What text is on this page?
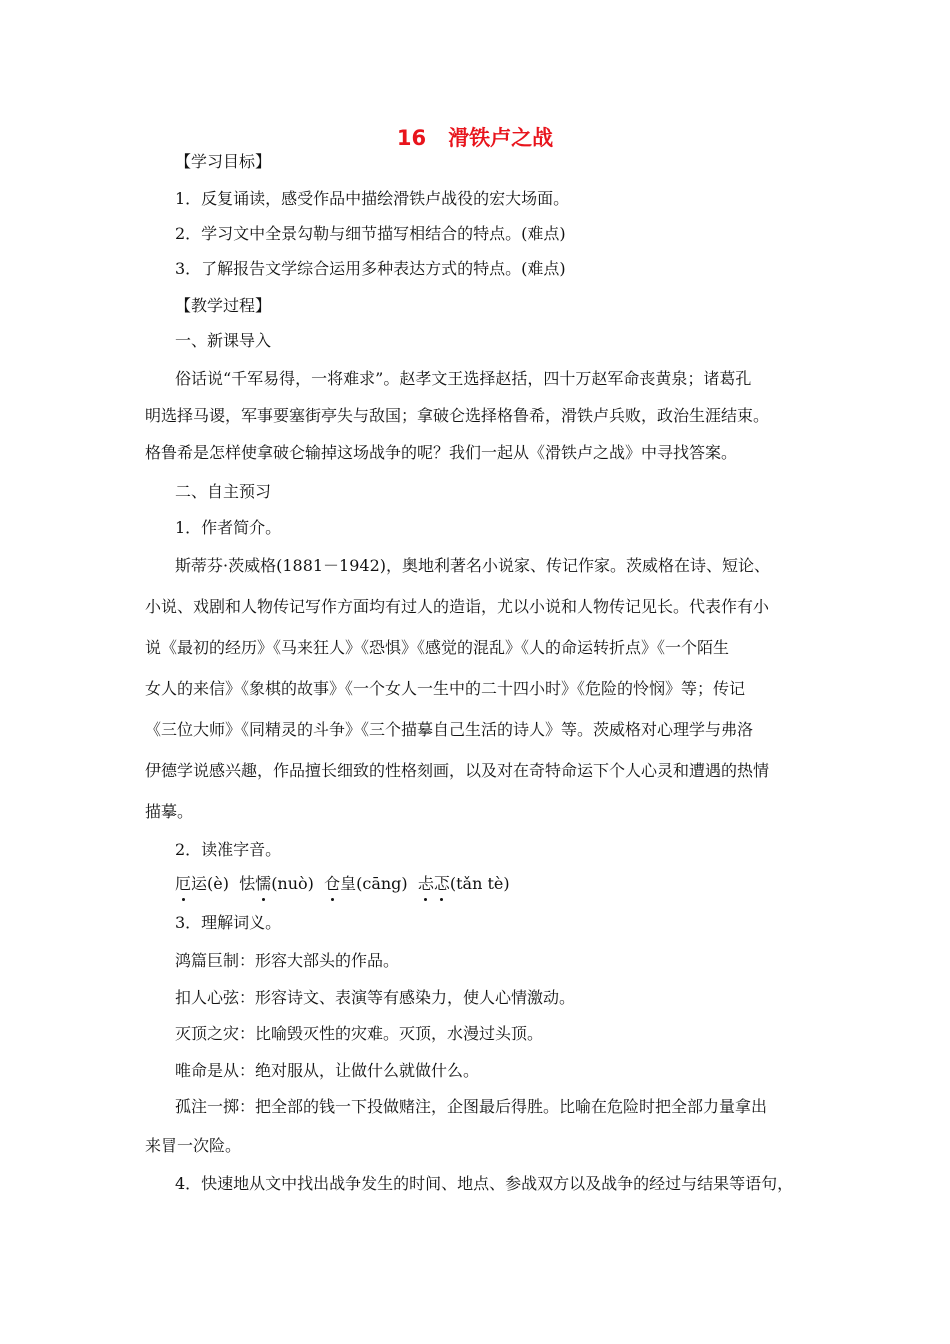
16 滑铁卢之战
【学习目标】
1．反复诵读，感受作品中描绘滑铁卢战役的宏大场面。
2．学习文中全景勾勒与细节描写相结合的特点。(难点)
3．了解报告文学综合运用多种表达方式的特点。(难点)
【教学过程】
一、新课导入
俗话说“千军易得，一将难求”。赵孝文王选择赵括，四十万赵军命丧黄泉；诸葛孔
明选择马谡，军事要塞街亭失与敌国；拿破仑选择格鲁希，滑铁卢兵败，政治生涯结束。
格鲁希是怎样使拿破仑输掉这场战争的呢？我们一起从《滑铁卢之战》中寻找答案。
二、自主预习
1．作者简介。
斯蒂芬·茨威格(1881－1942)，奥地利著名小说家、传记作家。茨威格在诗、短论、
小说、戏剧和人物传记写作方面均有过人的造诣，尤以小说和人物传记见长。代表作有小
说《最初的经历》《马来狂人》《恐惧》《感觉的混乱》《人的命运转折点》《一个陌生
女人的来信》《象棋的故事》《一个女人一生中的二十四小时》《危险的怜悯》等；传记
《三位大师》《同精灵的斗争》《三个描摹自己生活的诗人》等。茨威格对心理学与弗洛
伊德学说感兴趣，作品擅长细致的性格刻画，以及对在奇特命运下个人心灵和遭遇的热情
描摹。
2．读准字音。
厄运(è) 怯懦(nuò) 仓皇(cāng) 忐忑(tǎn tè)
3．理解词义。
鸿篇巨制：形容大部头的作品。
扣人心弦：形容诗文、表演等有感染力，使人心情激动。
灭顶之灾：比喻毁灭性的灾难。灭顶，水漫过头顶。
唯命是从：绝对服从，让做什么就做什么。
孤注一掷：把全部的钱一下投做赌注，企图最后得胜。比喻在危险时把全部力量拿出
来冒一次险。
4．快速地从文中找出战争发生的时间、地点、参战双方以及战争的经过与结果等语句，
